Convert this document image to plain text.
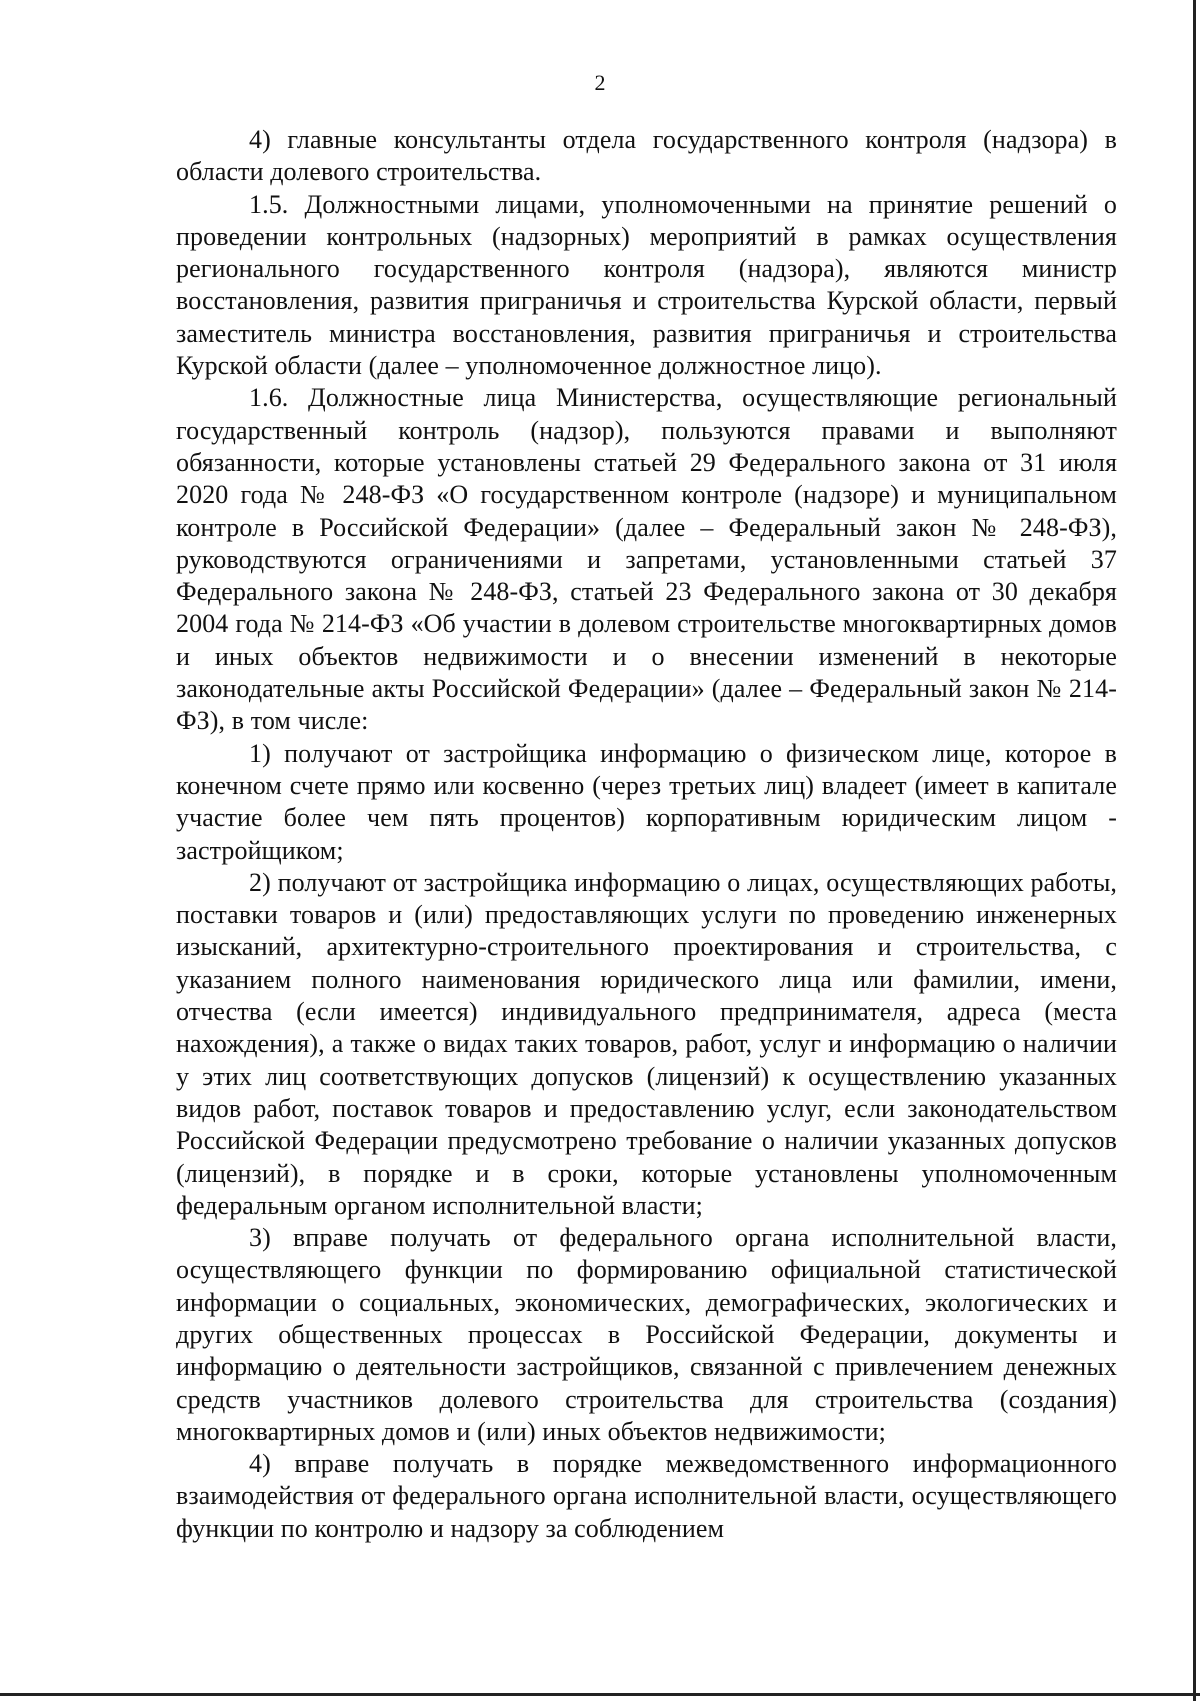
2

4) главные консультанты отдела государственного контроля (надзора) в области долевого строительства.

1.5. Должностными лицами, уполномоченными на принятие решений о проведении контрольных (надзорных) мероприятий в рамках осуществления регионального государственного контроля (надзора), являются министр восстановления, развития приграничья и строительства Курской области, первый заместитель министра восстановления, развития приграничья и строительства Курской области (далее – уполномоченное должностное лицо).

1.6. Должностные лица Министерства, осуществляющие региональный государственный контроль (надзор), пользуются правами и выполняют обязанности, которые установлены статьей 29 Федерального закона от 31 июля 2020 года № 248-ФЗ «О государственном контроле (надзоре) и муниципальном контроле в Российской Федерации» (далее – Федеральный закон № 248-ФЗ), руководствуются ограничениями и запретами, установленными статьей 37 Федерального закона № 248-ФЗ, статьей 23 Федерального закона от 30 декабря 2004 года № 214-ФЗ «Об участии в долевом строительстве многоквартирных домов и иных объектов недвижимости и о внесении изменений в некоторые законодательные акты Российской Федерации» (далее – Федеральный закон № 214-ФЗ), в том числе:

1) получают от застройщика информацию о физическом лице, которое в конечном счете прямо или косвенно (через третьих лиц) владеет (имеет в капитале участие более чем пять процентов) корпоративным юридическим лицом - застройщиком;

2) получают от застройщика информацию о лицах, осуществляющих работы, поставки товаров и (или) предоставляющих услуги по проведению инженерных изысканий, архитектурно-строительного проектирования и строительства, с указанием полного наименования юридического лица или фамилии, имени, отчества (если имеется) индивидуального предпринимателя, адреса (места нахождения), а также о видах таких товаров, работ, услуг и информацию о наличии у этих лиц соответствующих допусков (лицензий) к осуществлению указанных видов работ, поставок товаров и предоставлению услуг, если законодательством Российской Федерации предусмотрено требование о наличии указанных допусков (лицензий), в порядке и в сроки, которые установлены уполномоченным федеральным органом исполнительной власти;

3) вправе получать от федерального органа исполнительной власти, осуществляющего функции по формированию официальной статистической информации о социальных, экономических, демографических, экологических и других общественных процессах в Российской Федерации, документы и информацию о деятельности застройщиков, связанной с привлечением денежных средств участников долевого строительства для строительства (создания) многоквартирных домов и (или) иных объектов недвижимости;

4) вправе получать в порядке межведомственного информационного взаимодействия от федерального органа исполнительной власти, осуществляющего функции по контролю и надзору за соблюдением
